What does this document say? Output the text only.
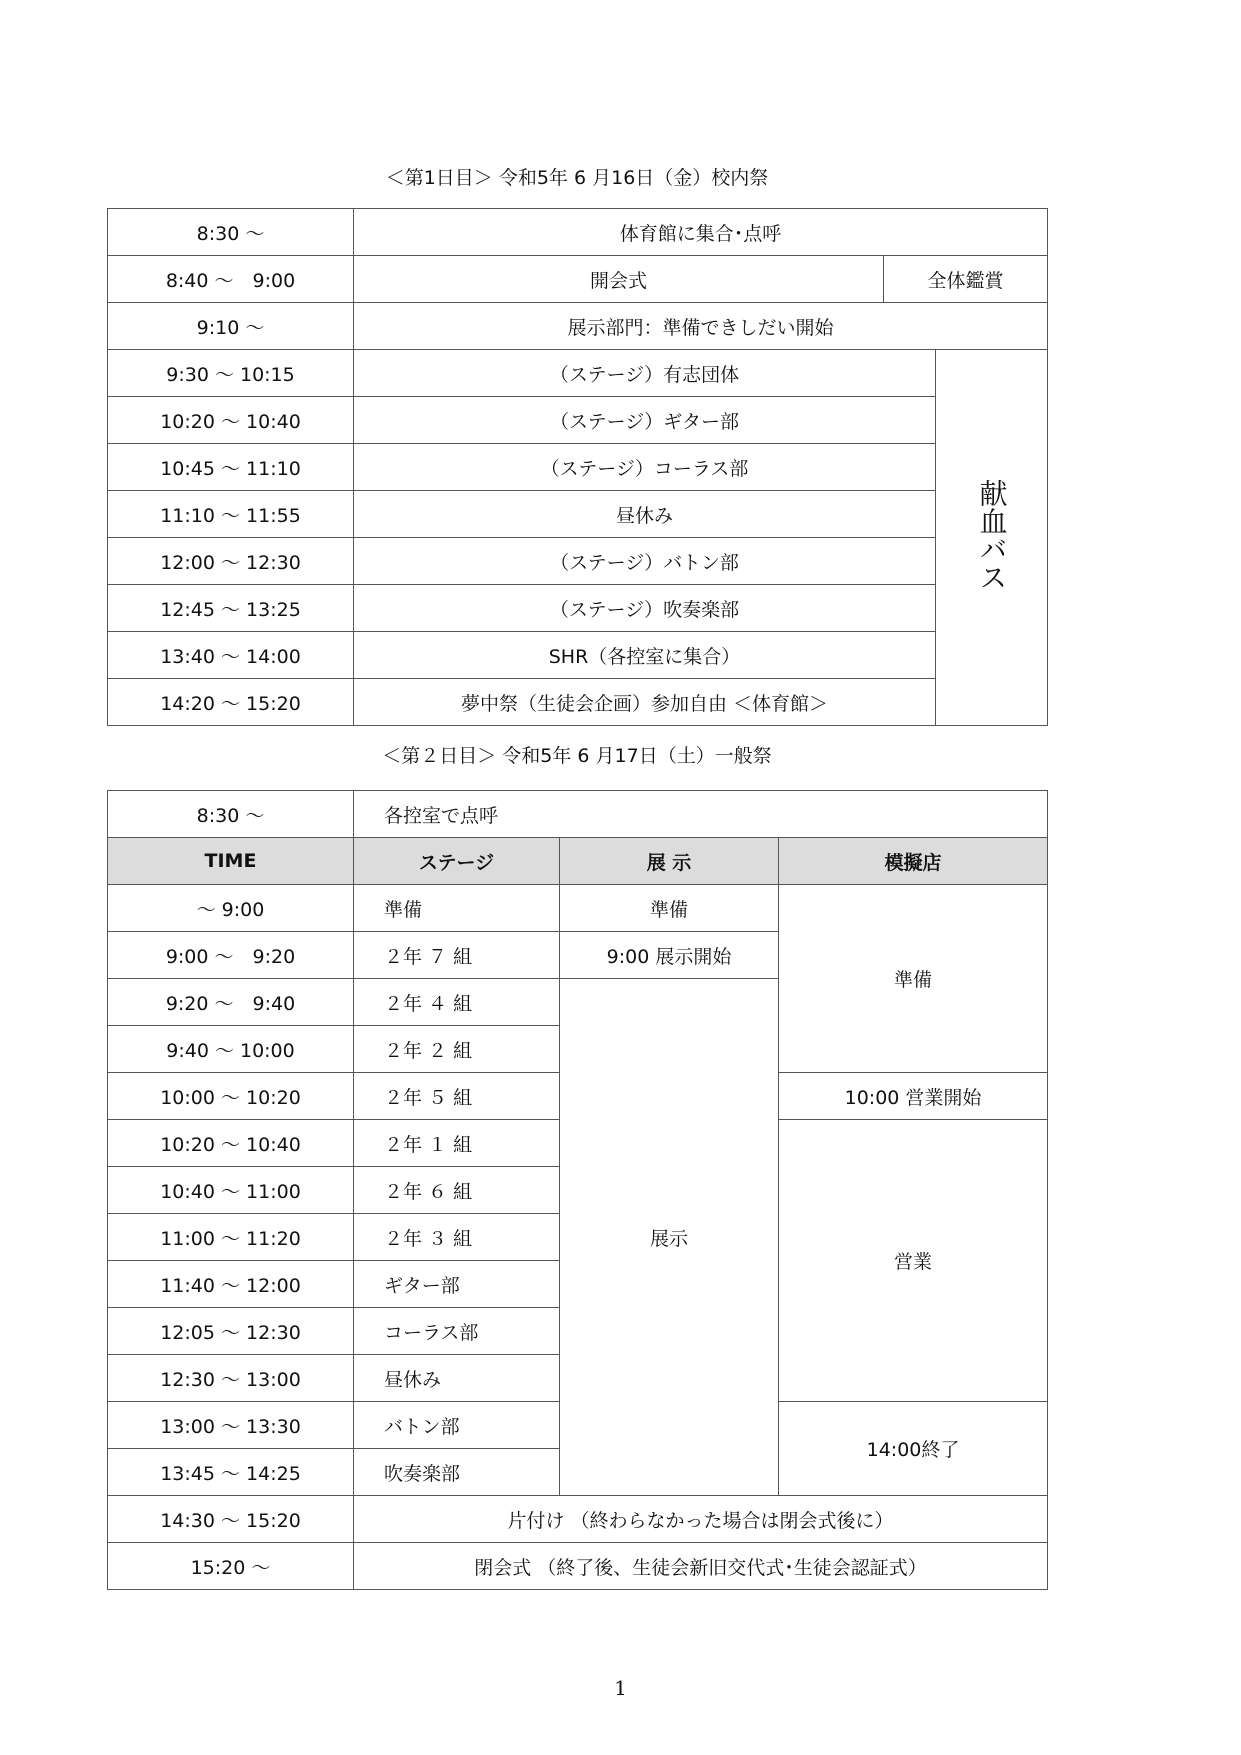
＜第1日目＞ 令和5年 6 月16日（金）校内祭
8:30 ～	体育館に集合･点呼		
8:40 ～　9:00	開会式	全体鑑賞	
9:10 ～	展示部門：準備できしだい開始		
9:30 ～ 10:15	（ステージ）有志団体		献血バス
10:20 ～ 10:40	（ステージ）ギター部		
10:45 ～ 11:10	（ステージ）コーラス部		
11:10 ～ 11:55	昼休み		
12:00 ～ 12:30	（ステージ）バトン部		
12:45 ～ 13:25	（ステージ）吹奏楽部		
13:40 ～ 14:00	SHR（各控室に集合）		
14:20 ～ 15:20	夢中祭（生徒会企画）参加自由 ＜体育館＞		
＜第２日目＞ 令和5年 6 月17日（土）一般祭
8:30 ～	各控室で点呼		
TIME	ステージ	展 示	模擬店
～ 9:00	準備	準備	準備
9:00 ～　9:20	２年 ７ 組	9:00 展示開始	
9:20 ～　9:40	２年 ４ 組	展示	
9:40 ～ 10:00	２年 ２ 組		
10:00 ～ 10:20	２年 ５ 組		10:00 営業開始
10:20 ～ 10:40	２年 １ 組		営業
10:40 ～ 11:00	２年 ６ 組		
11:00 ～ 11:20	２年 ３ 組		
11:40 ～ 12:00	ギター部		
12:05 ～ 12:30	コーラス部		
12:30 ～ 13:00	昼休み		
13:00 ～ 13:30	バトン部		14:00終了
13:45 ～ 14:25	吹奏楽部		
14:30 ～ 15:20	片付け （終わらなかった場合は閉会式後に）		
15:20 ～	閉会式 （終了後、生徒会新旧交代式･生徒会認証式）		
1
